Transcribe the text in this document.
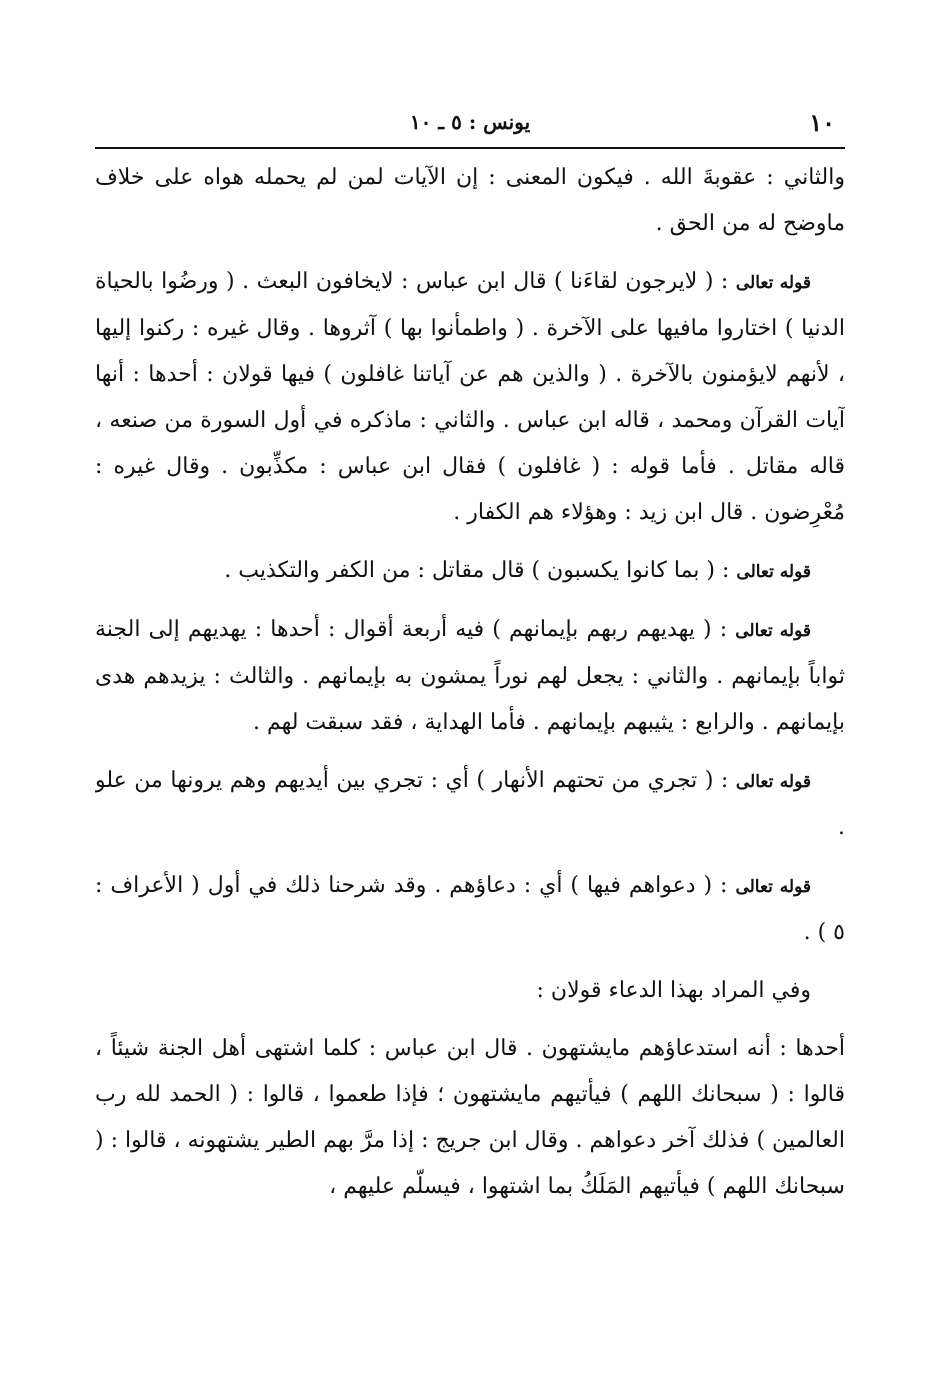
١٠
يونس : ٥ ـ ١٠

والثاني : عقوبةَ الله . فيكون المعنى : إن الآيات لمن لم يحمله هواه على خلاف ماوضح له من الحق .

قوله تعالى : ( لايرجون لقاءَنا ) قال ابن عباس : لايخافون البعث . ( ورضُوا بالحياة الدنيا ) اختاروا مافيها على الآخرة . ( واطمأنوا بها ) آثروها . وقال غيره : ركنوا إليها ، لأنهم لايؤمنون بالآخرة . ( والذين هم عن آياتنا غافلون ) فيها قولان : أحدها : أنها آيات القرآن ومحمد ، قاله ابن عباس . والثاني : ماذكره في أول السورة من صنعه ، قاله مقاتل . فأما قوله : ( غافلون ) فقال ابن عباس : مكذِّبون . وقال غيره : مُعْرِضون . قال ابن زيد : وهؤلاء هم الكفار .

قوله تعالى : ( بما كانوا يكسبون ) قال مقاتل : من الكفر والتكذيب .

قوله تعالى : ( يهديهم ربهم بإيمانهم ) فيه أربعة أقوال : أحدها : يهديهم إلى الجنة ثواباً بإيمانهم . والثاني : يجعل لهم نوراً يمشون به بإيمانهم . والثالث : يزيدهم هدى بإيمانهم . والرابع : يثيبهم بإيمانهم . فأما الهداية ، فقد سبقت لهم .

قوله تعالى : ( تجري من تحتهم الأنهار ) أي : تجري بين أيديهم وهم يرونها من علو .

قوله تعالى : ( دعواهم فيها ) أي : دعاؤهم . وقد شرحنا ذلك في أول ( الأعراف : ٥ ) .

وفي المراد بهذا الدعاء قولان :

أحدها : أنه استدعاؤهم مايشتهون . قال ابن عباس : كلما اشتهى أهل الجنة شيئاً ، قالوا : ( سبحانك اللهم ) فيأتيهم مايشتهون ؛ فإذا طعموا ، قالوا : ( الحمد لله رب العالمين ) فذلك آخر دعواهم . وقال ابن جريج : إذا مرَّ بهم الطير يشتهونه ، قالوا : ( سبحانك اللهم ) فيأتيهم المَلَكُ بما اشتهوا ، فيسلّم عليهم ،
